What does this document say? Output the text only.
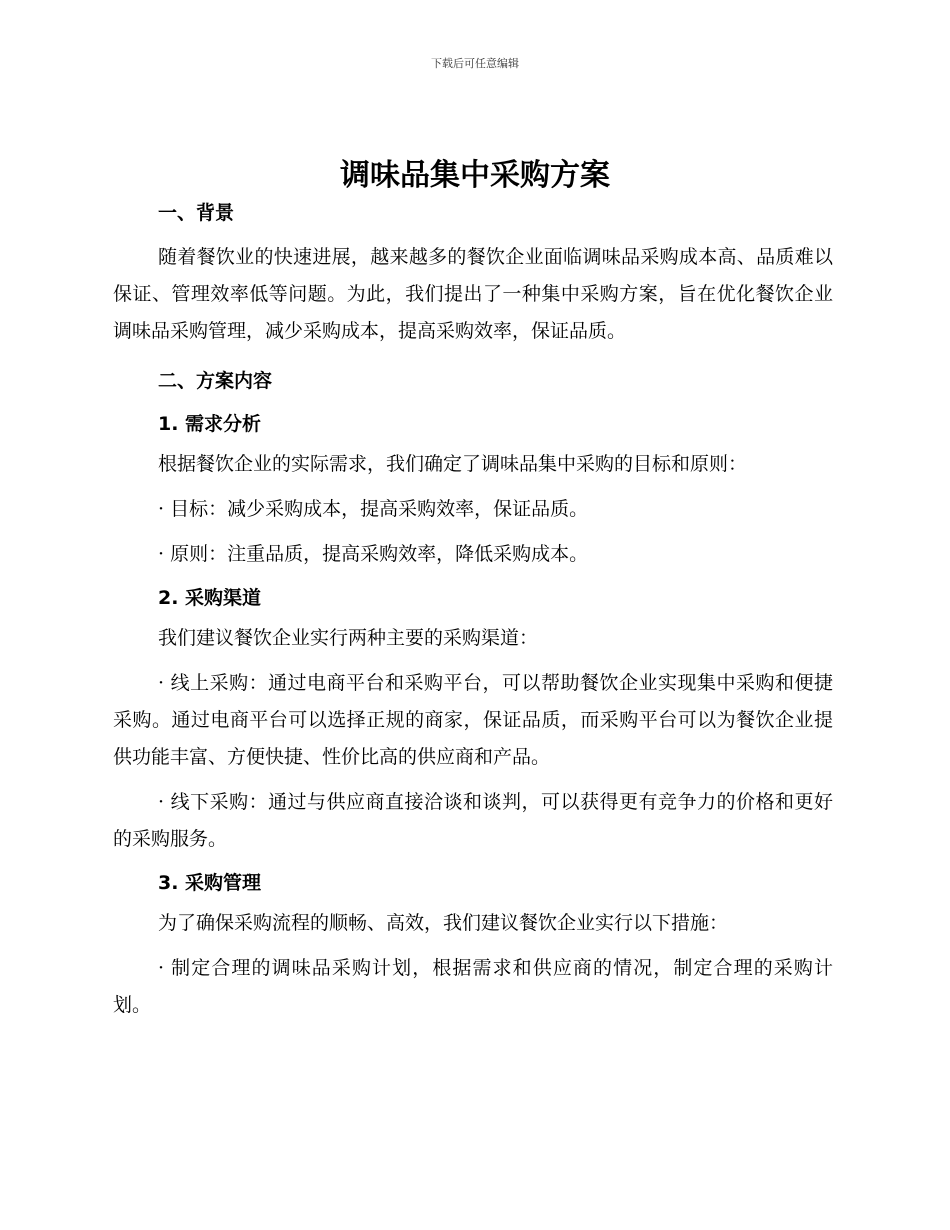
下载后可任意编辑
调味品集中采购方案
一、背景

随着餐饮业的快速进展，越来越多的餐饮企业面临调味品采购成本高、品质难以保证、管理效率低等问题。为此，我们提出了一种集中采购方案，旨在优化餐饮企业调味品采购管理，减少采购成本，提高采购效率，保证品质。

二、方案内容
1. 需求分析

根据餐饮企业的实际需求，我们确定了调味品集中采购的目标和原则：

· 目标：减少采购成本，提高采购效率，保证品质。

· 原则：注重品质，提高采购效率，降低采购成本。

2. 采购渠道

我们建议餐饮企业实行两种主要的采购渠道：

· 线上采购：通过电商平台和采购平台，可以帮助餐饮企业实现集中采购和便捷采购。通过电商平台可以选择正规的商家，保证品质，而采购平台可以为餐饮企业提供功能丰富、方便快捷、性价比高的供应商和产品。

· 线下采购：通过与供应商直接洽谈和谈判，可以获得更有竞争力的价格和更好的采购服务。

3. 采购管理

为了确保采购流程的顺畅、高效，我们建议餐饮企业实行以下措施：

· 制定合理的调味品采购计划，根据需求和供应商的情况，制定合理的采购计划。
